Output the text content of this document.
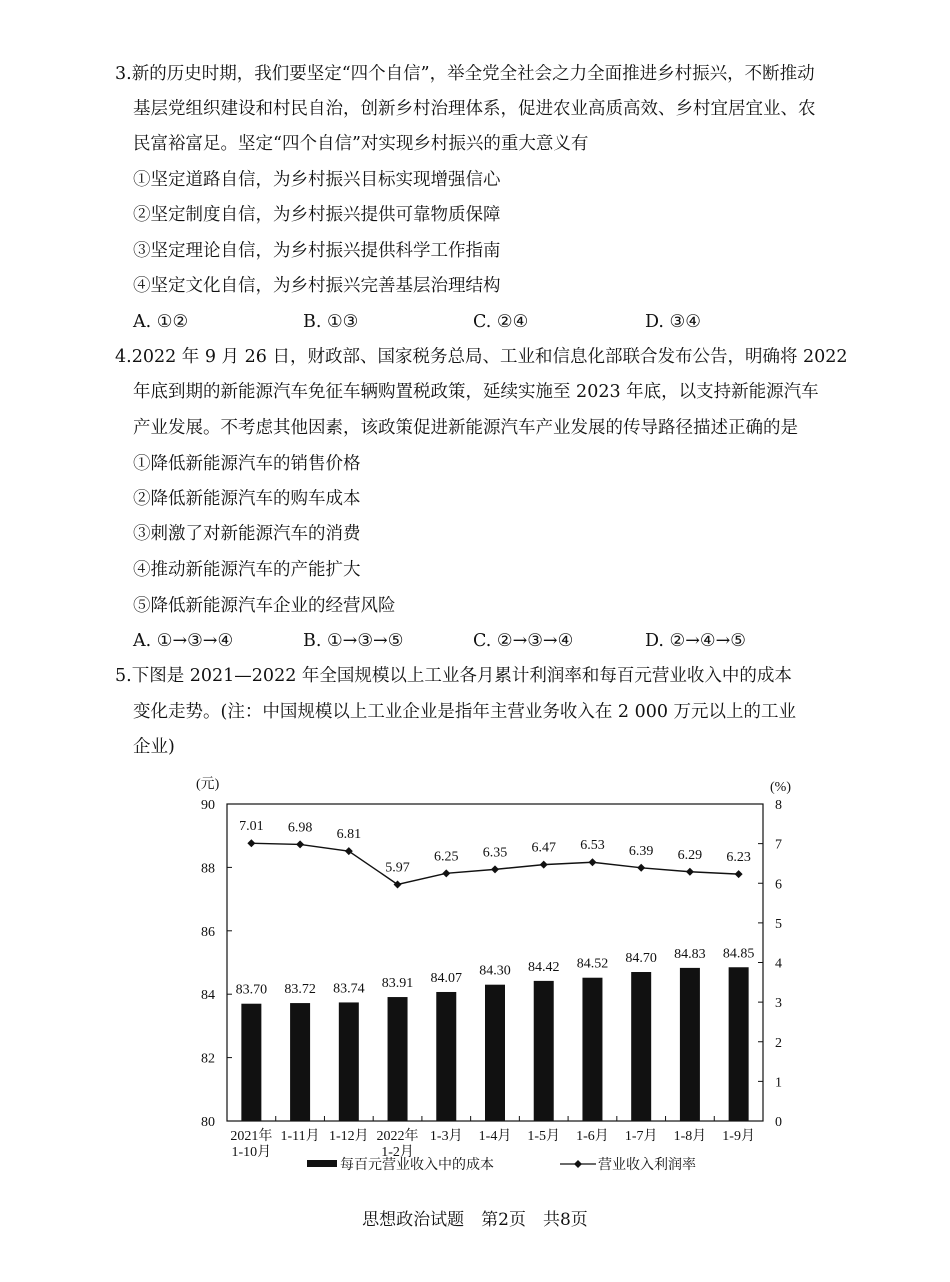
3.新的历史时期，我们要坚定“四个自信”，举全党全社会之力全面推进乡村振兴，不断推动
基层党组织建设和村民自治，创新乡村治理体系，促进农业高质高效、乡村宜居宜业、农
民富裕富足。坚定“四个自信”对实现乡村振兴的重大意义有
①坚定道路自信，为乡村振兴目标实现增强信心
②坚定制度自信，为乡村振兴提供可靠物质保障
③坚定理论自信，为乡村振兴提供科学工作指南
④坚定文化自信，为乡村振兴完善基层治理结构
A. ①②	B. ①③	C. ②④	D. ③④
4.2022 年 9 月 26 日，财政部、国家税务总局、工业和信息化部联合发布公告，明确将 2022
年底到期的新能源汽车免征车辆购置税政策，延续实施至 2023 年底，以支持新能源汽车
产业发展。不考虑其他因素，该政策促进新能源汽车产业发展的传导路径描述正确的是
①降低新能源汽车的销售价格
②降低新能源汽车的购车成本
③刺激了对新能源汽车的消费
④推动新能源汽车的产能扩大
⑤降低新能源汽车企业的经营风险
A. ①→③→④	B. ①→③→⑤	C. ②→③→④	D. ②→④→⑤
5.下图是 2021—2022 年全国规模以上工业各月累计利润率和每百元营业收入中的成本
变化走势。(注：中国规模以上工业企业是指年主营业务收入在 2 000 万元以上的工业
企业)
80
82
84
86
88
90
0
1
2
3
4
5
6
7
8
83.70
2021年
1-10月
83.72
1-11月
83.74
1-12月
83.91
2022年
1-2月
84.07
1-3月
84.30
1-4月
84.42
1-5月
84.52
1-6月
84.70
1-7月
84.83
1-8月
84.85
1-9月
7.01 6.98 6.81
5.97
6.25 6.35 6.47 6.53 6.39 6.29 6.23
(元)	(%)
每百元营业收入中的成本	营业收入利润率
思想政治试题　第2页　共8页
